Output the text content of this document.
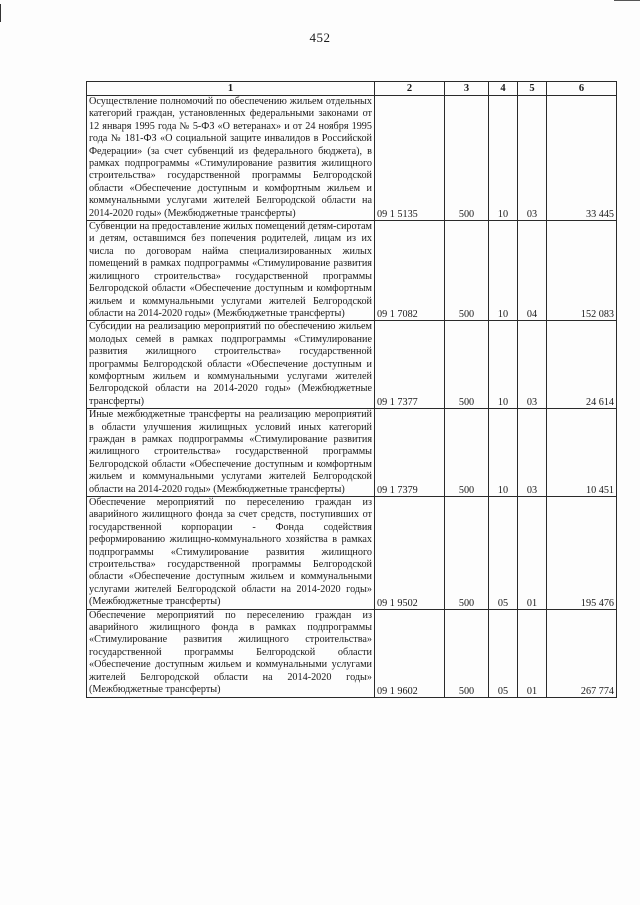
452
1	2	3	4	5	6
Осуществление полномочий по обеспечению жильем отдельных категорий граждан, установленных федеральными законами от 12 января 1995 года № 5-ФЗ «О ветеранах» и от 24 ноября 1995 года № 181-ФЗ «О социальной защите инвалидов в Российской Федерации» (за счет субвенций из федерального бюджета), в рамках подпрограммы «Стимулирование развития жилищного строительства» государственной программы Белгородской области «Обеспечение доступным и комфортным жильем и коммунальными услугами жителей Белгородской области на 2014-2020 годы» (Межбюджетные трансферты)	09 1 5135	500	10	03	33 445
Субвенции на предоставление жилых помещений детям-сиротам и детям, оставшимся без попечения родителей, лицам из их числа по договорам найма специализированных жилых помещений в рамках подпрограммы «Стимулирование развития жилищного строительства» государственной программы Белгородской области «Обеспечение доступным и комфортным жильем и коммунальными услугами жителей Белгородской области на 2014-2020 годы» (Межбюджетные трансферты)	09 1 7082	500	10	04	152 083
Субсидии на реализацию мероприятий по обеспечению жильем молодых семей в рамках подпрограммы «Стимулирование развития жилищного строительства» государственной программы Белгородской области «Обеспечение доступным и комфортным жильем и коммунальными услугами жителей Белгородской области на 2014-2020 годы» (Межбюджетные трансферты)	09 1 7377	500	10	03	24 614
Иные межбюджетные трансферты на реализацию мероприятий в области улучшения жилищных условий иных категорий граждан в рамках подпрограммы «Стимулирование развития жилищного строительства» государственной программы Белгородской области «Обеспечение доступным и комфортным жильем и коммунальными услугами жителей Белгородской области на 2014-2020 годы» (Межбюджетные трансферты)	09 1 7379	500	10	03	10 451
Обеспечение мероприятий по переселению граждан из аварийного жилищного фонда за счет средств, поступивших от государственной корпорации - Фонда содействия реформированию жилищно-коммунального хозяйства в рамках подпрограммы «Стимулирование развития жилищного строительства» государственной программы Белгородской области «Обеспечение доступным жильем и коммунальными услугами жителей Белгородской области на 2014-2020 годы» (Межбюджетные трансферты)	09 1 9502	500	05	01	195 476
Обеспечение мероприятий по переселению граждан из аварийного жилищного фонда в рамках подпрограммы «Стимулирование развития жилищного строительства» государственной программы Белгородской области «Обеспечение доступным жильем и коммунальными услугами жителей Белгородской области на 2014-2020 годы» (Межбюджетные трансферты)	09 1 9602	500	05	01	267 774
